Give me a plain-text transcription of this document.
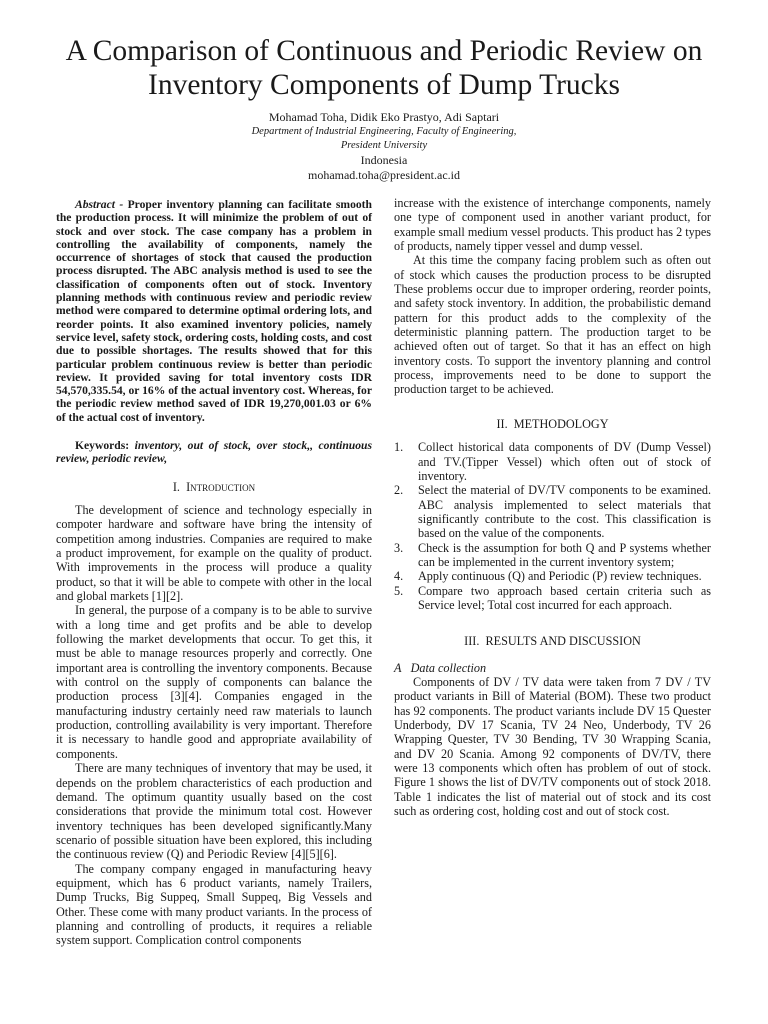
A Comparison of Continuous and Periodic Review on Inventory Components of Dump Trucks
Mohamad Toha, Didik Eko Prastyo, Adi Saptari
Department of Industrial Engineering, Faculty of Engineering,
President University
Indonesia
mohamad.toha@president.ac.id

Abstract - Proper inventory planning can facilitate smooth the production process. It will minimize the problem of out of stock and over stock. The case company has a problem in controlling the availability of components, namely the occurrence of shortages of stock that caused the production process disrupted. The ABC analysis method is used to see the classification of components often out of stock. Inventory planning methods with continuous review and periodic review method were compared to determine optimal ordering lots, and reorder points. It also examined inventory policies, namely service level, safety stock, ordering costs, holding costs, and cost due to possible shortages. The results showed that for this particular problem continuous review is better than periodic review. It provided saving for total inventory costs IDR 54,570,335.54, or 16% of the actual inventory cost. Whereas, for the periodic review method saved of IDR 19,270,001.03 or 6% of the actual cost of inventory.

Keywords: inventory, out of stock, over stock,, continuous review, periodic review,

I. Introduction

The development of science and technology especially in compoter hardware and software have bring the intensity of competition among industries. Companies are required to make a product improvement, for example on the quality of product. With improvements in the process will produce a quality product, so that it will be able to compete with other in the local and global markets [1][2].

In general, the purpose of a company is to be able to survive with a long time and get profits and be able to develop following the market developments that occur. To get this, it must be able to manage resources properly and correctly. One important area is controlling the inventory components. Because with control on the supply of components can balance the production process [3][4]. Companies engaged in the manufacturing industry certainly need raw materials to launch production, controlling availability is very important. Therefore it is necessary to handle good and appropriate availability of components.

There are many techniques of inventory that may be used, it depends on the problem characteristics of each production and demand. The optimum quantity usually based on the cost considerations that provide the minimum total cost. However inventory techniques has been developed significantly.Many scenario of possible situation have been explored, this including the continuous review (Q) and Periodic Review [4][5][6].

The company company engaged in manufacturing heavy equipment, which has 6 product variants, namely Trailers, Dump Trucks, Big Suppeq, Small Suppeq, Big Vessels and Other. These come with many product variants. In the process of planning and controlling of products, it requires a reliable system support. Complication control components

increase with the existence of interchange components, namely one type of component used in another variant product, for example small medium vessel products. This product has 2 types of products, namely tipper vessel and dump vessel.

At this time the company facing problem such as often out of stock which causes the production process to be disrupted These problems occur due to improper ordering, reorder points, and safety stock inventory. In addition, the probabilistic demand pattern for this product adds to the complexity of the deterministic planning pattern. The production target to be achieved often out of target. So that it has an effect on high inventory costs. To support the inventory planning and control process, improvements need to be done to support the production target to be achieved.

II. METHODOLOGY
1. Collect historical data components of DV (Dump Vessel) and TV.(Tipper Vessel) which often out of stock of inventory.
2. Select the material of DV/TV components to be examined. ABC analysis implemented to select materials that significantly contribute to the cost. This classification is based on the value of the components.
3. Check is the assumption for both Q and P systems whether can be implemented in the current inventory system;
4. Apply continuous (Q) and Periodic (P) review techniques.
5. Compare two approach based certain criteria such as Service level; Total cost incurred for each approach.
III. RESULTS AND DISCUSSION

A Data collection

Components of DV / TV data were taken from 7 DV / TV product variants in Bill of Material (BOM). These two product has 92 components. The product variants include DV 15 Quester Underbody, DV 17 Scania, TV 24 Neo, Underbody, TV 26 Wrapping Quester, TV 30 Bending, TV 30 Wrapping Scania, and DV 20 Scania. Among 92 components of DV/TV, there were 13 components which often has problem of out of stock. Figure 1 shows the list of DV/TV components out of stock 2018. Table 1 indicates the list of material out of stock and its cost such as ordering cost, holding cost and out of stock cost.
